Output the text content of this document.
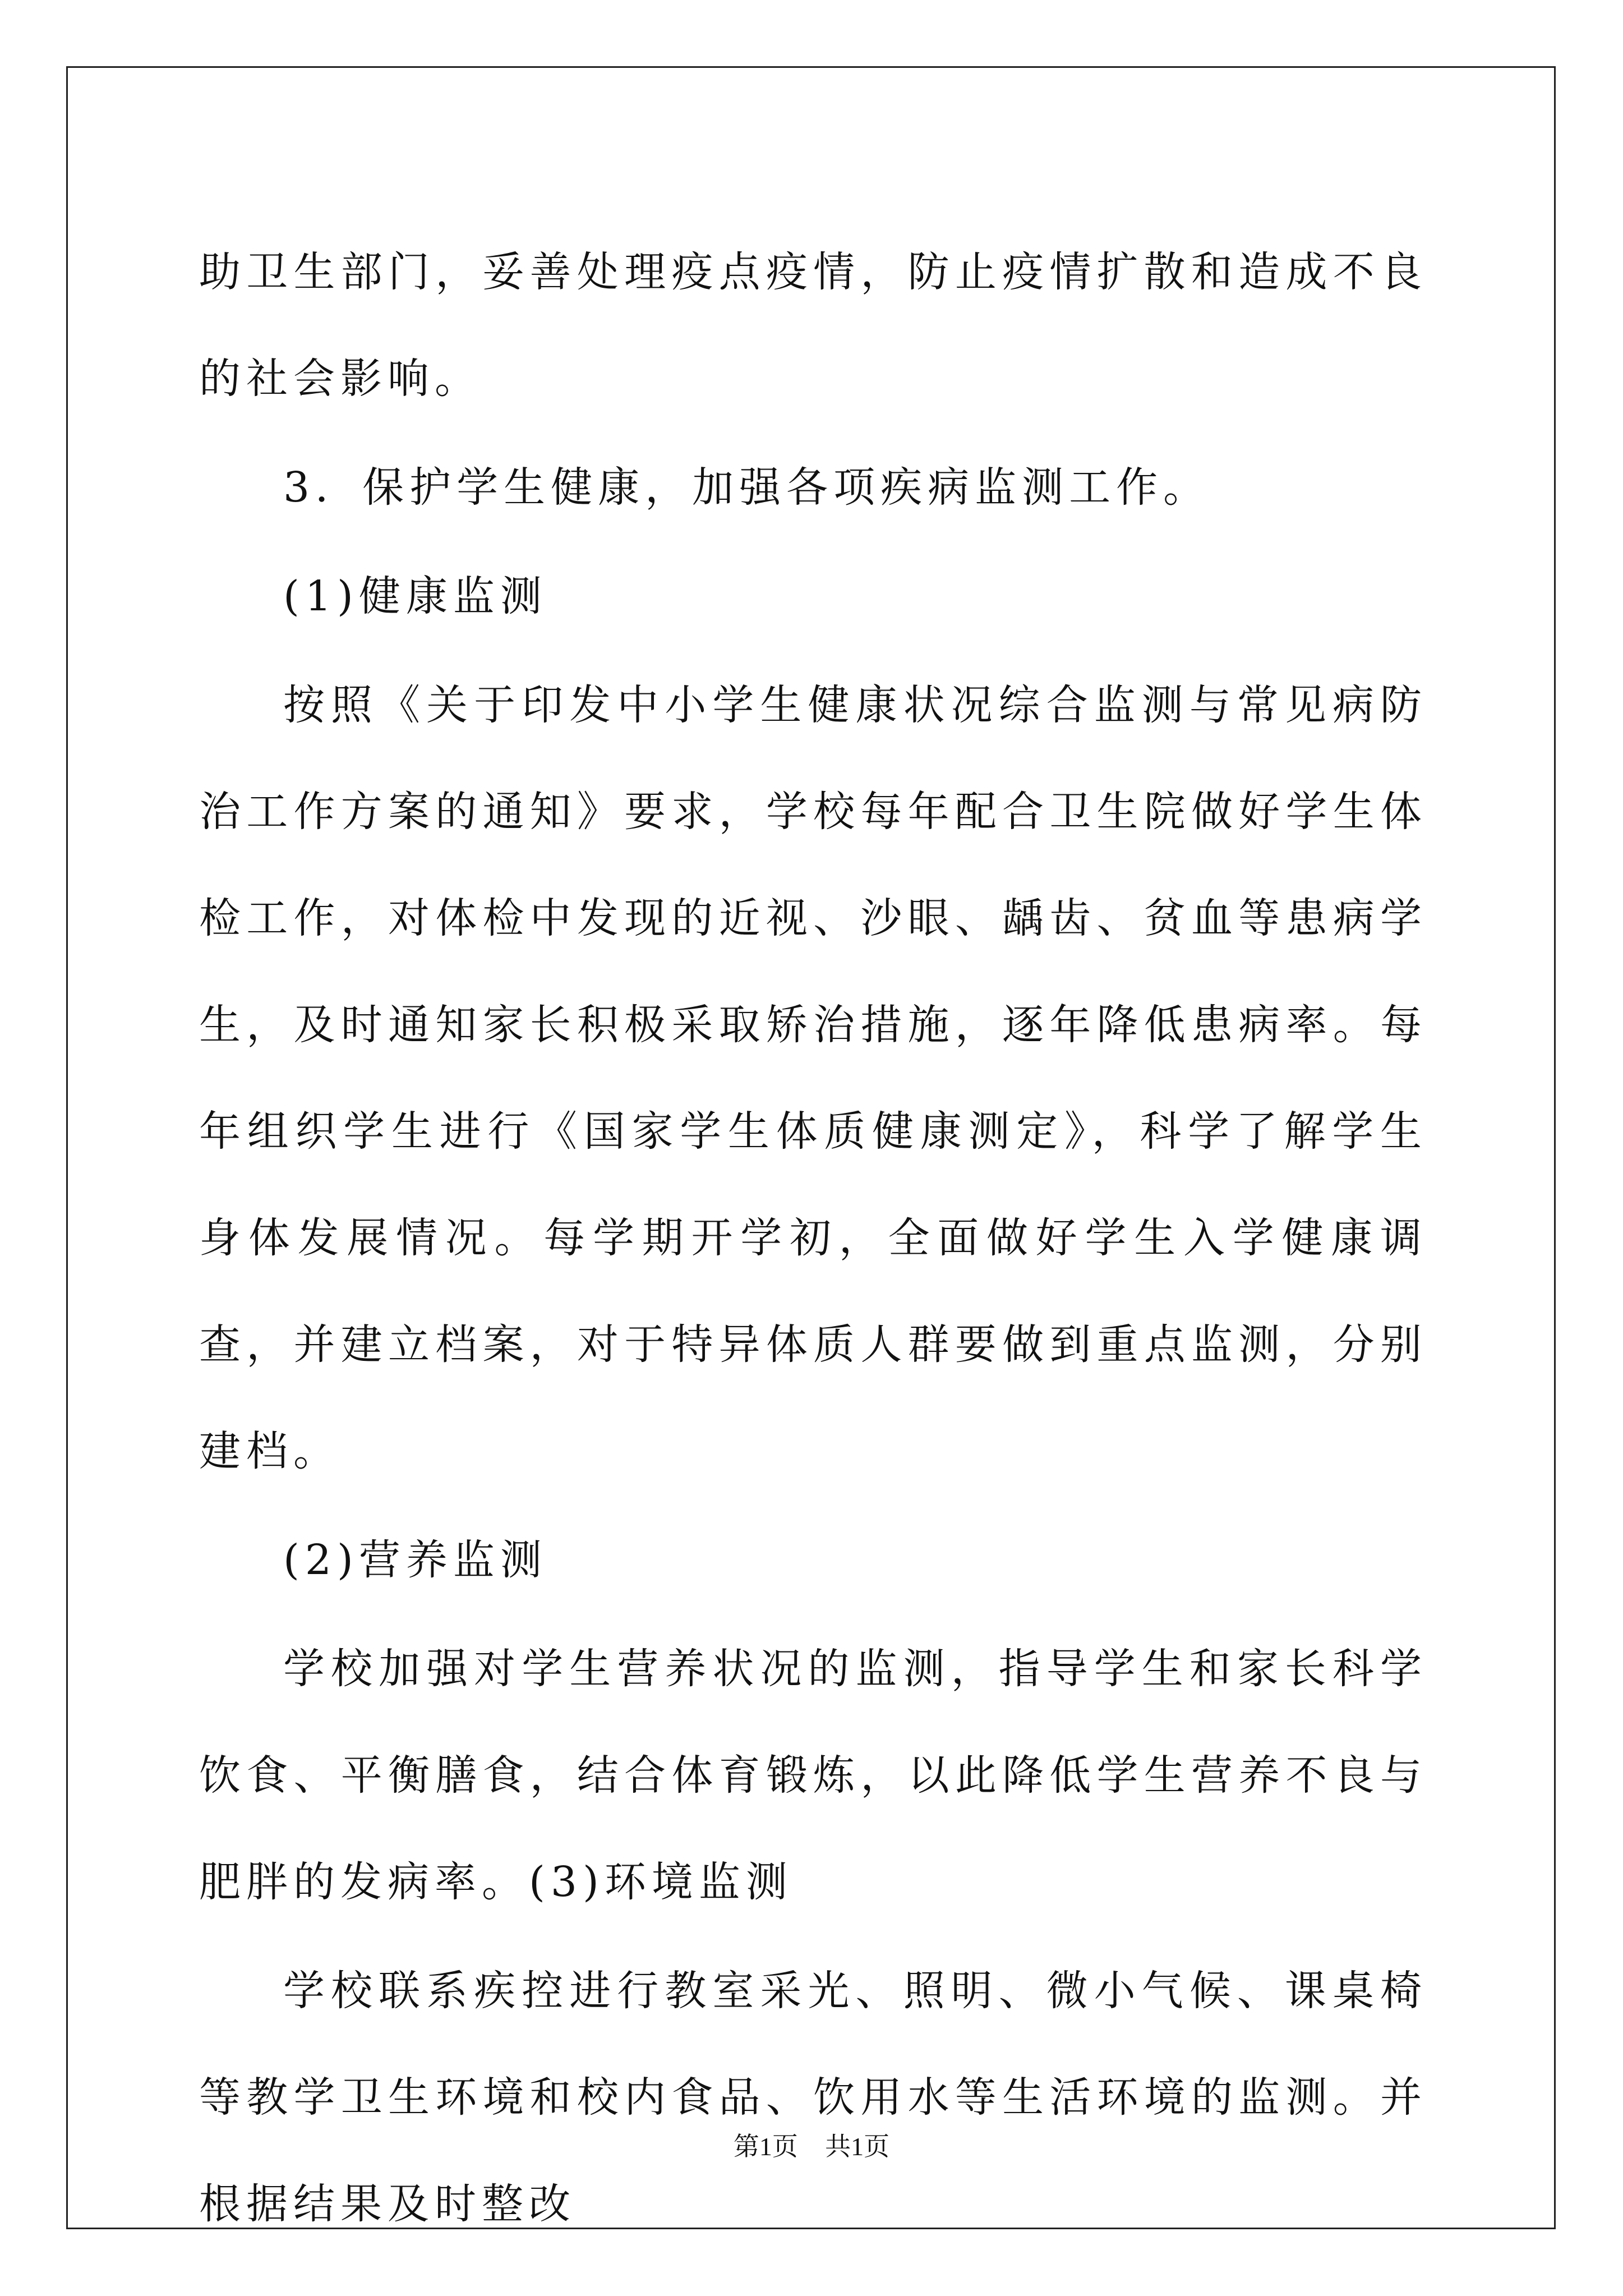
助卫生部门，妥善处理疫点疫情，防止疫情扩散和造成不良的社会影响。

3．保护学生健康，加强各项疾病监测工作。

(1)健康监测

按照《关于印发中小学生健康状况综合监测与常见病防治工作方案的通知》要求，学校每年配合卫生院做好学生体检工作，对体检中发现的近视、沙眼、龋齿、贫血等患病学生，及时通知家长积极采取矫治措施，逐年降低患病率。每年组织学生进行《国家学生体质健康测定》，科学了解学生身体发展情况。每学期开学初，全面做好学生入学健康调查，并建立档案，对于特异体质人群要做到重点监测，分别建档。

(2)营养监测

学校加强对学生营养状况的监测，指导学生和家长科学饮食、平衡膳食，结合体育锻炼，以此降低学生营养不良与肥胖的发病率。(3)环境监测

学校联系疾控进行教室采光、照明、微小气候、课桌椅等教学卫生环境和校内食品、饮用水等生活环境的监测。并根据结果及时整改

第1页 共1页
